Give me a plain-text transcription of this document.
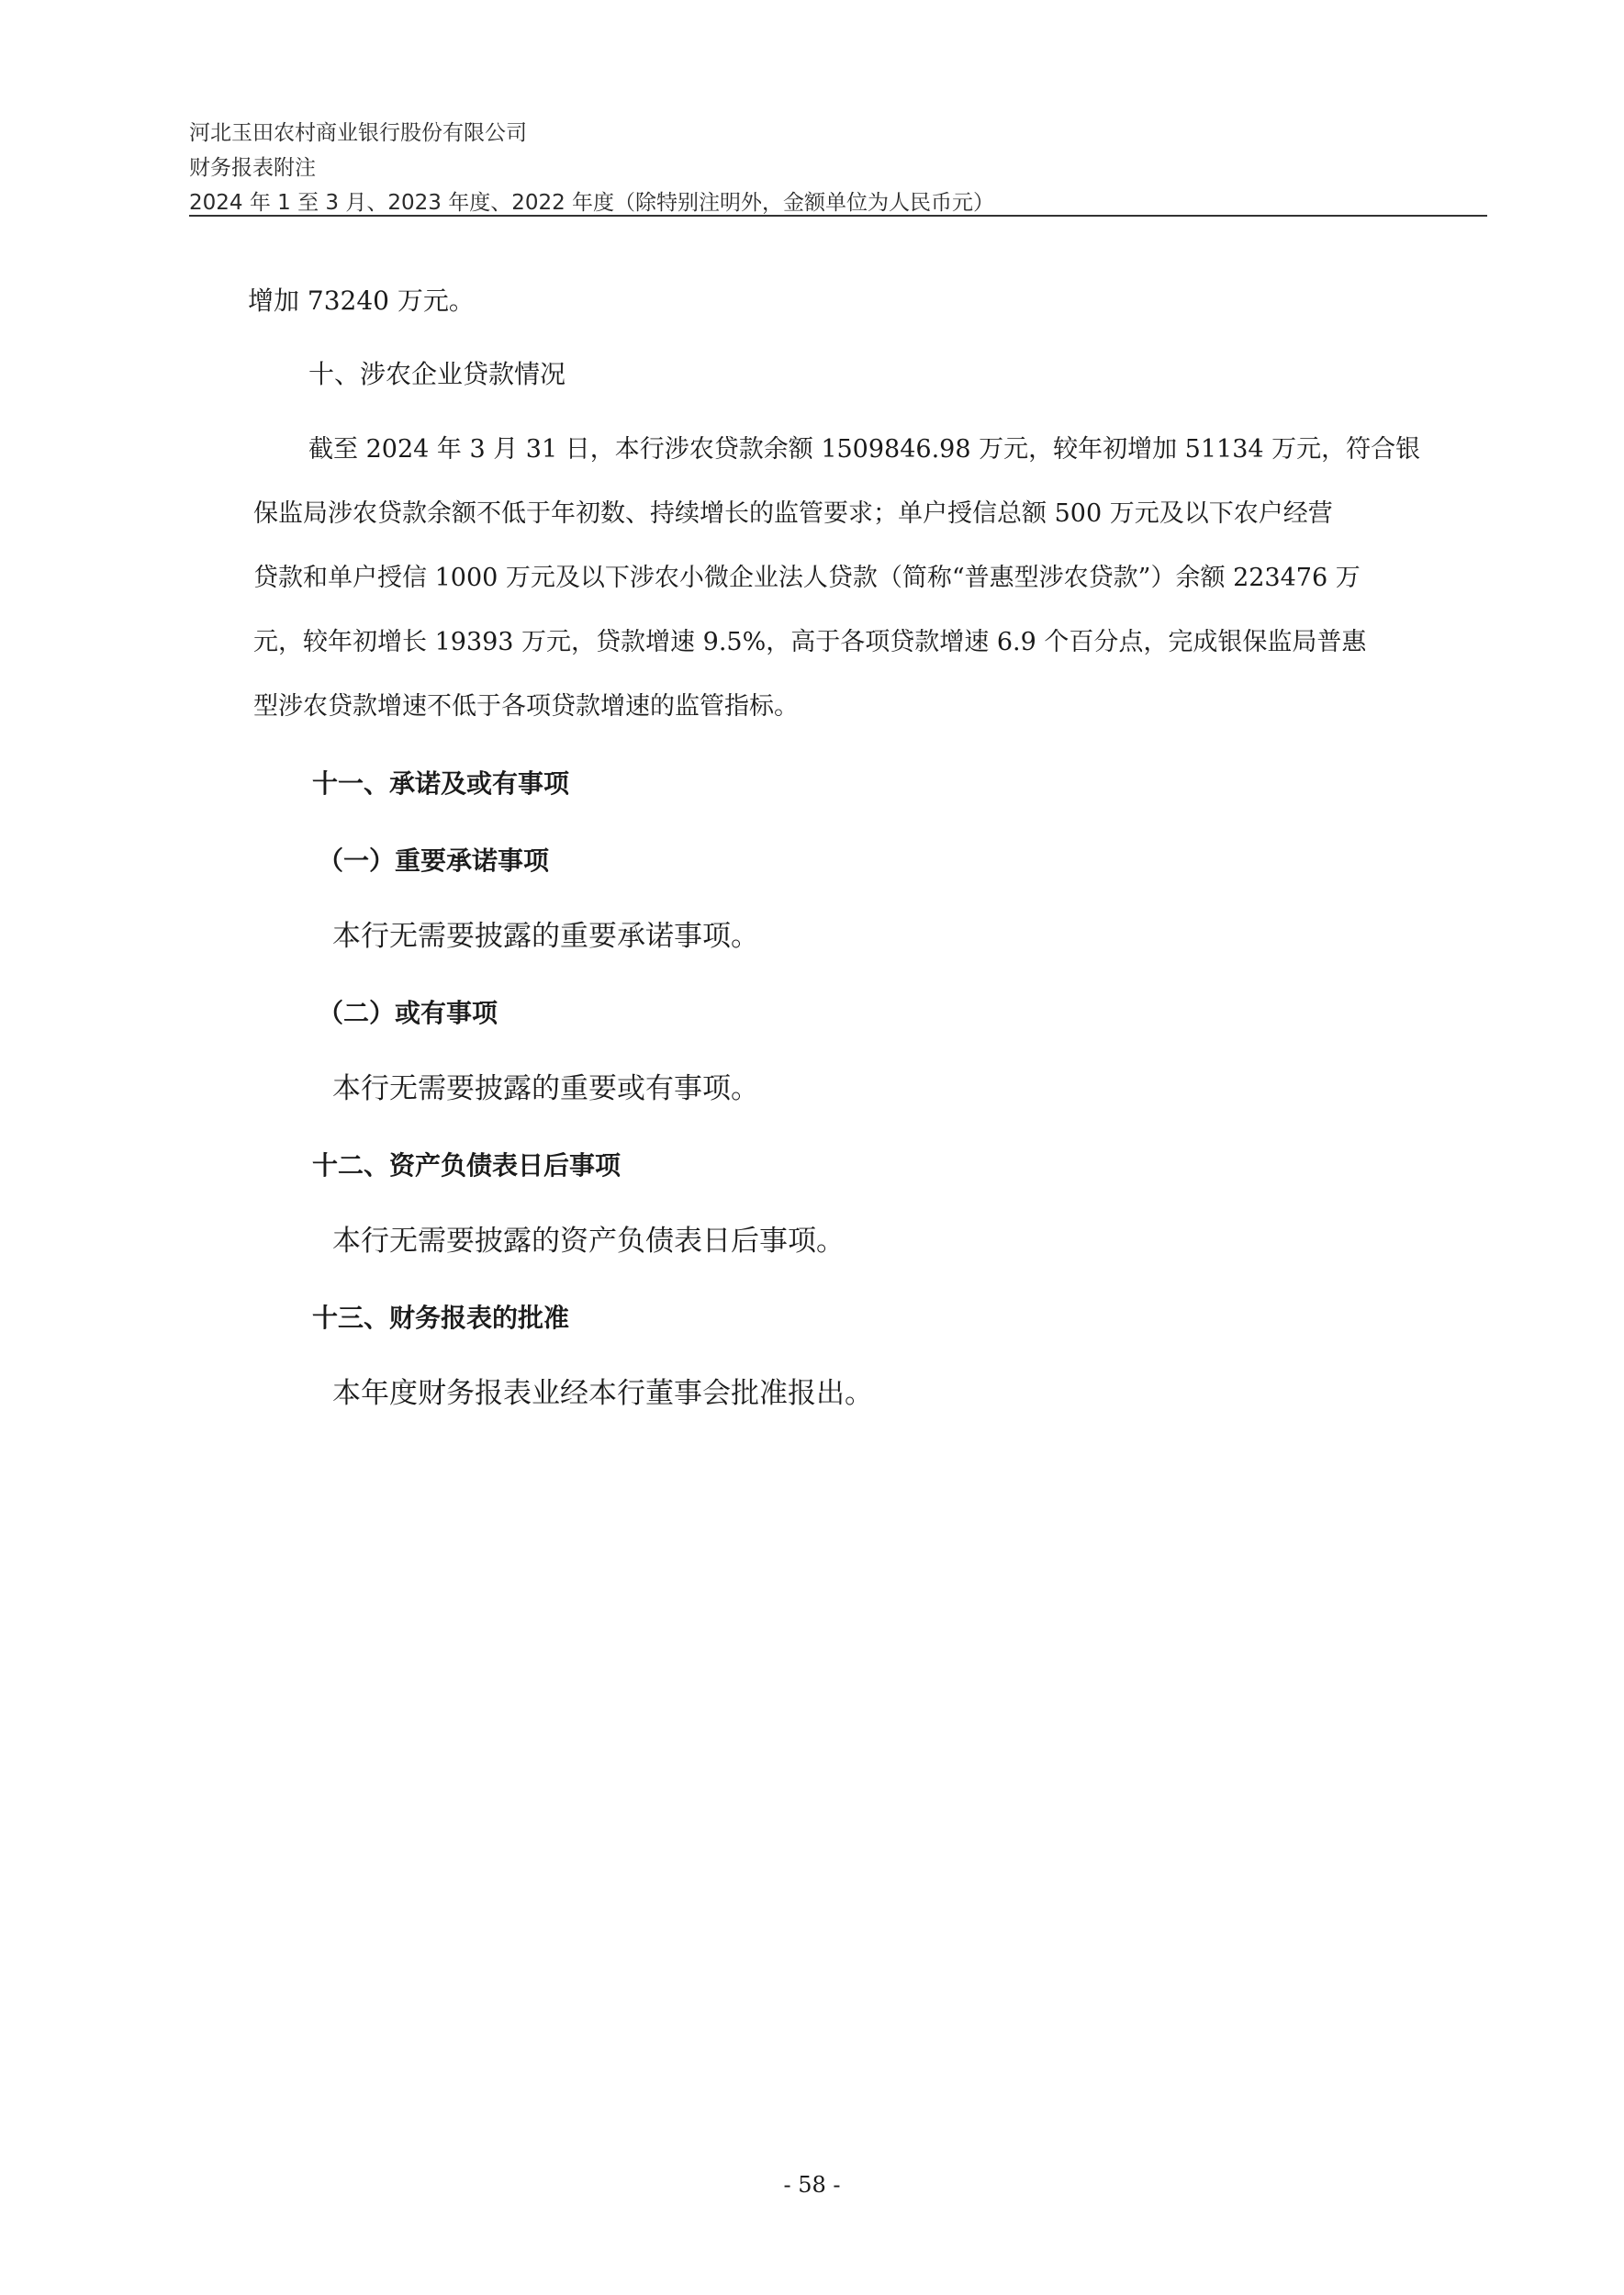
河北玉田农村商业银行股份有限公司
财务报表附注
2024 年 1 至 3 月、2023 年度、2022 年度（除特别注明外，金额单位为人民币元）
增加 73240 万元。
十、涉农企业贷款情况
截至 2024 年 3 月 31 日，本行涉农贷款余额 1509846.98 万元，较年初增加 51134 万元，符合银
保监局涉农贷款余额不低于年初数、持续增长的监管要求；单户授信总额 500 万元及以下农户经营
贷款和单户授信 1000 万元及以下涉农小微企业法人贷款（简称“普惠型涉农贷款”）余额 223476 万
元，较年初增长 19393 万元，贷款增速 9.5%，高于各项贷款增速 6.9 个百分点，完成银保监局普惠
型涉农贷款增速不低于各项贷款增速的监管指标。
十一、承诺及或有事项
（一）重要承诺事项
本行无需要披露的重要承诺事项。
（二）或有事项
本行无需要披露的重要或有事项。
十二、资产负债表日后事项
本行无需要披露的资产负债表日后事项。
十三、财务报表的批准
本年度财务报表业经本行董事会批准报出。
- 58 -
